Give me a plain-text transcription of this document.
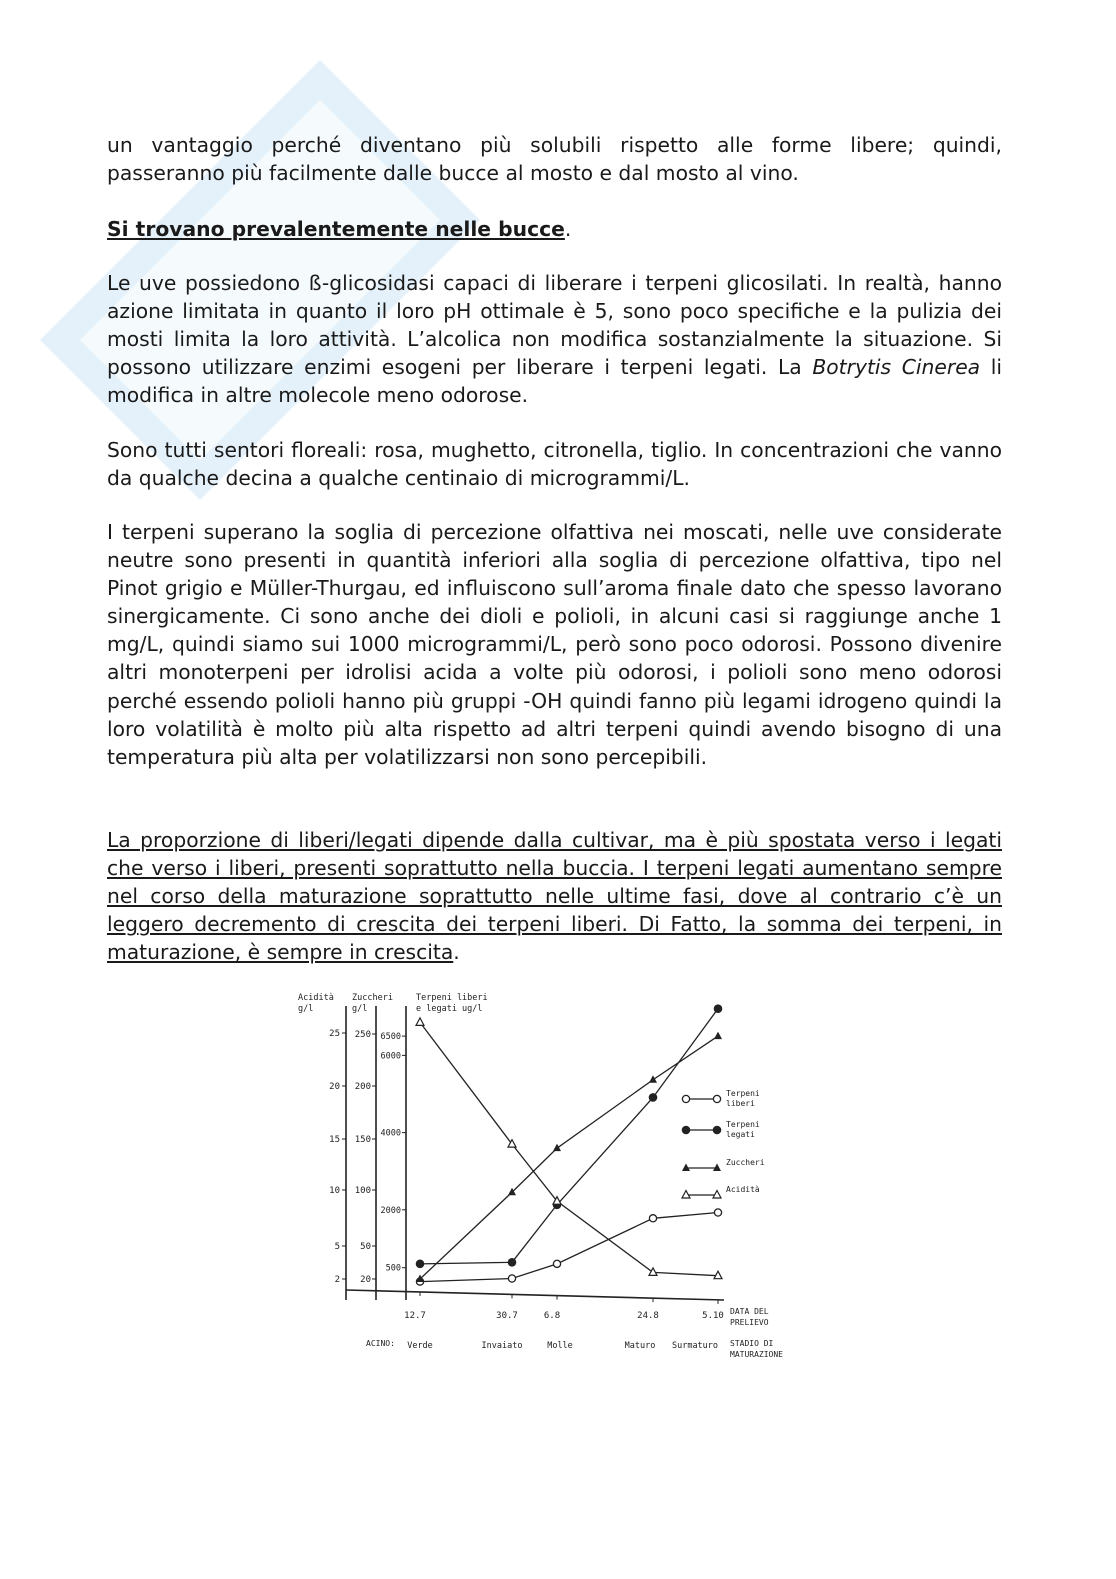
un vantaggio perché diventano più solubili rispetto alle forme libere; quindi, passeranno più facilmente dalle bucce al mosto e dal mosto al vino.

Si trovano prevalentemente nelle bucce.

Le uve possiedono ß-glicosidasi capaci di liberare i terpeni glicosilati. In realtà, hanno azione limitata in quanto il loro pH ottimale è 5, sono poco specifiche e la pulizia dei mosti limita la loro attività. L’alcolica non modifica sostanzialmente la situazione. Si possono utilizzare enzimi esogeni per liberare i terpeni legati. La Botrytis Cinerea li modifica in altre molecole meno odorose.

Sono tutti sentori floreali: rosa, mughetto, citronella, tiglio. In concentrazioni che vanno da qualche decina a qualche centinaio di microgrammi/L.

I terpeni superano la soglia di percezione olfattiva nei moscati, nelle uve considerate neutre sono presenti in quantità inferiori alla soglia di percezione olfattiva, tipo nel Pinot grigio e Müller-Thurgau, ed influiscono sull’aroma finale dato che spesso lavorano sinergicamente. Ci sono anche dei dioli e polioli, in alcuni casi si raggiunge anche 1 mg/L, quindi siamo sui 1000 microgrammi/L, però sono poco odorosi. Possono divenire altri monoterpeni per idrolisi acida a volte più odorosi, i polioli sono meno odorosi perché essendo polioli hanno più gruppi -OH quindi fanno più legami idrogeno quindi la loro volatilità è molto più alta rispetto ad altri terpeni quindi avendo bisogno di una temperatura più alta per volatilizzarsi non sono percepibili.

La proporzione di liberi/legati dipende dalla cultivar, ma è più spostata verso i legati che verso i liberi, presenti soprattutto nella buccia. I terpeni legati aumentano sempre nel corso della maturazione soprattutto nelle ultime fasi, dove al contrario c’è un leggero decremento di crescita dei terpeni liberi. Di Fatto, la somma dei terpeni, in maturazione, è sempre in crescita.

Acidità
g/l
Zuccheri
g/l
Terpeni liberi
e legati ug/l
25
20
15
10
5
2
250
200
150
100
50
20
6500
6000
4000
2000
500
12.7	30.7	6.8	24.8	5.10 DATA DEL
PRELIEVO
ACINO: Verde	Invaiato	Molle	Maturo Surmaturo STADIO DI
MATURAZIONE
Terpeni
liberi
Terpeni
legati
Zuccheri
Acidità
